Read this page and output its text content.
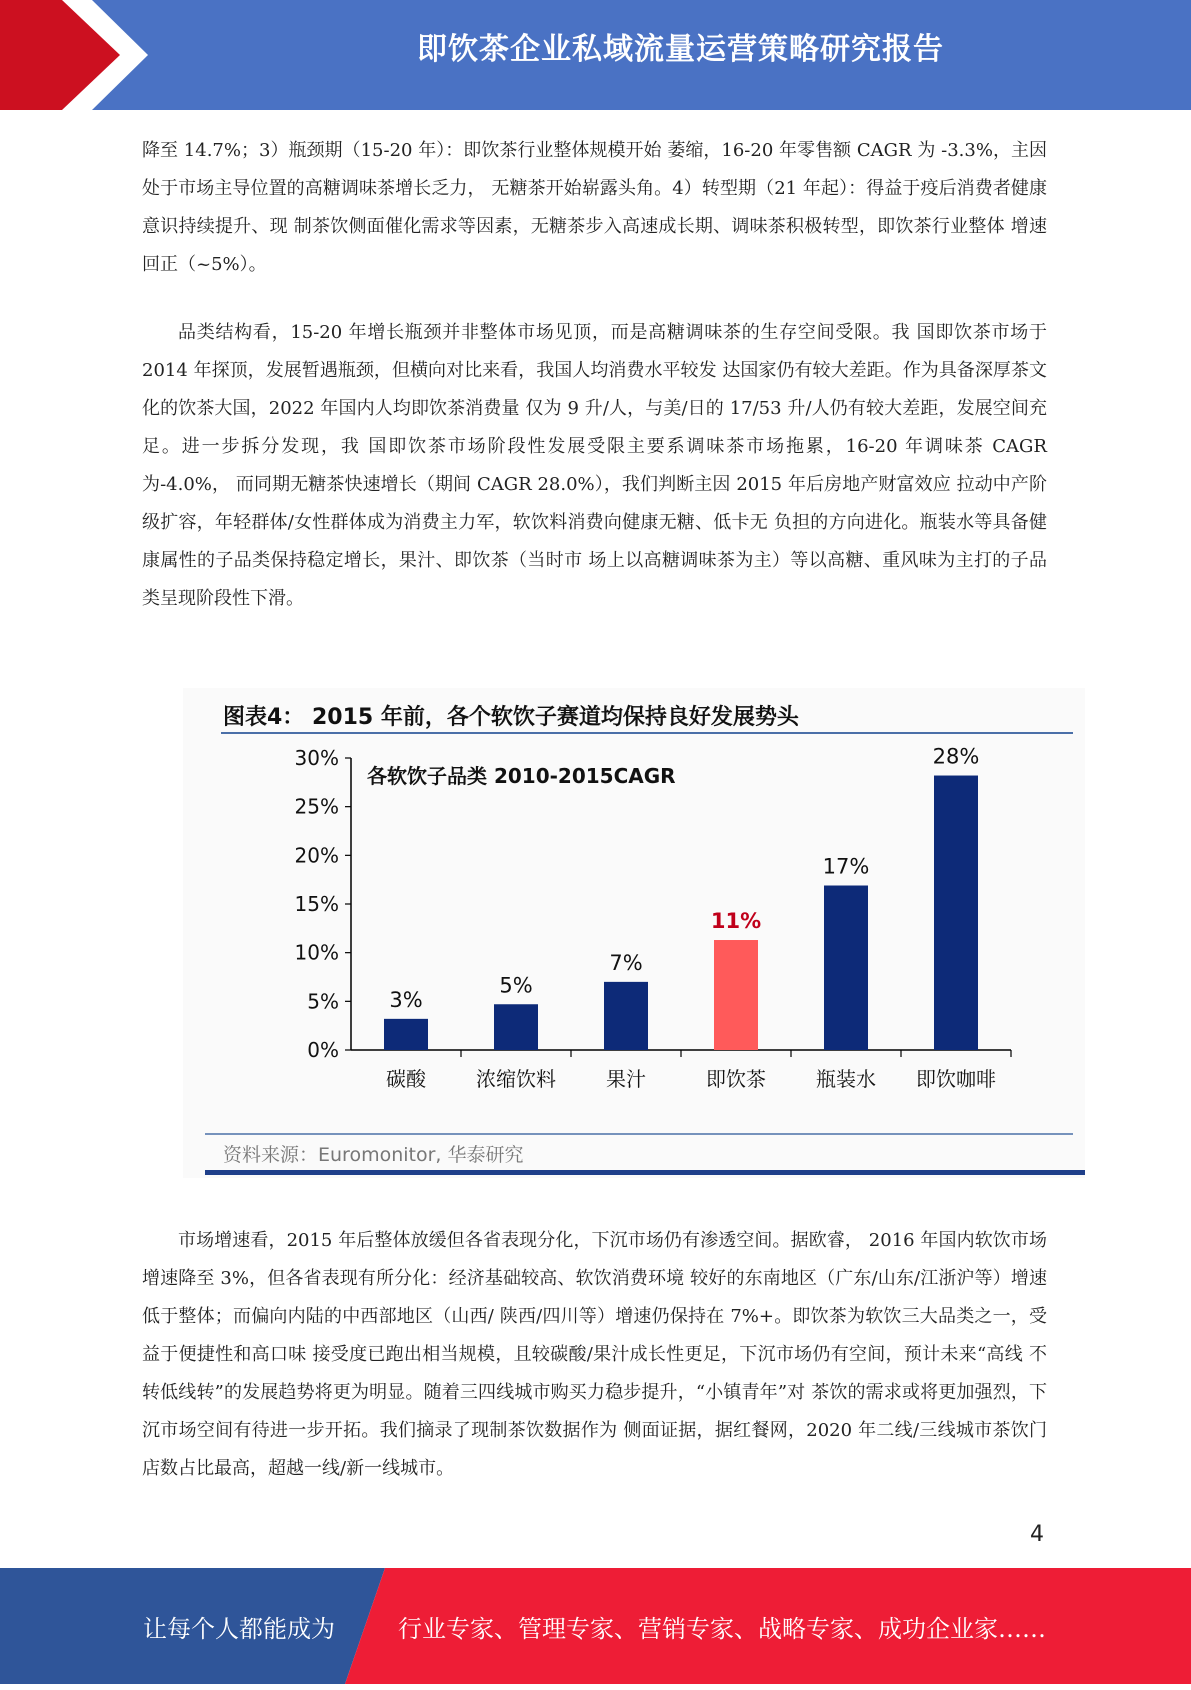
即饮茶企业私域流量运营策略研究报告

降至 14.7%；3）瓶颈期（15-20 年）：即饮茶行业整体规模开始 萎缩，16-20 年零售额 CAGR 为 -3.3%，主因处于市场主导位置的高糖调味茶增长乏力， 无糖茶开始崭露头角。4）转型期（21 年起）：得益于疫后消费者健康意识持续提升、现 制茶饮侧面催化需求等因素，无糖茶步入高速成长期、调味茶积极转型，即饮茶行业整体 增速回正（~5%）。

品类结构看，15-20 年增长瓶颈并非整体市场见顶，而是高糖调味茶的生存空间受限。我 国即饮茶市场于 2014 年探顶，发展暂遇瓶颈，但横向对比来看，我国人均消费水平较发 达国家仍有较大差距。作为具备深厚茶文化的饮茶大国，2022 年国内人均即饮茶消费量 仅为 9 升/人，与美/日的 17/53 升/人仍有较大差距，发展空间充足。进一步拆分发现，我 国即饮茶市场阶段性发展受限主要系调味茶市场拖累，16-20 年调味茶 CAGR 为-4.0%， 而同期无糖茶快速增长（期间 CAGR 28.0%），我们判断主因 2015 年后房地产财富效应 拉动中产阶级扩容，年轻群体/女性群体成为消费主力军，软饮料消费向健康无糖、低卡无 负担的方向进化。瓶装水等具备健康属性的子品类保持稳定增长，果汁、即饮茶（当时市 场上以高糖调味茶为主）等以高糖、重风味为主打的子品类呈现阶段性下滑。

图表4： 2015 年前，各个软饮子赛道均保持良好发展势头
0%
5%
10%
15%
20%
25%
30%
3%
碳酸
5%
浓缩饮料
7%
果汁
11%
即饮茶
17%
瓶装水
28%
即饮咖啡
各软饮子品类 2010-2015CAGR
资料来源：Euromonitor, 华泰研究

市场增速看，2015 年后整体放缓但各省表现分化，下沉市场仍有渗透空间。据欧睿， 2016 年国内软饮市场增速降至 3%，但各省表现有所分化：经济基础较高、软饮消费环境 较好的东南地区（广东/山东/江浙沪等）增速低于整体；而偏向内陆的中西部地区（山西/ 陕西/四川等）增速仍保持在 7%+。即饮茶为软饮三大品类之一，受益于便捷性和高口味 接受度已跑出相当规模，且较碳酸/果汁成长性更足，下沉市场仍有空间，预计未来“高线 不转低线转”的发展趋势将更为明显。随着三四线城市购买力稳步提升，“小镇青年”对 茶饮的需求或将更加强烈，下沉市场空间有待进一步开拓。我们摘录了现制茶饮数据作为 侧面证据，据红餐网，2020 年二线/三线城市茶饮门店数占比最高，超越一线/新一线城市。

4
让每个人都能成为	行业专家、管理专家、营销专家、战略专家、成功企业家……
